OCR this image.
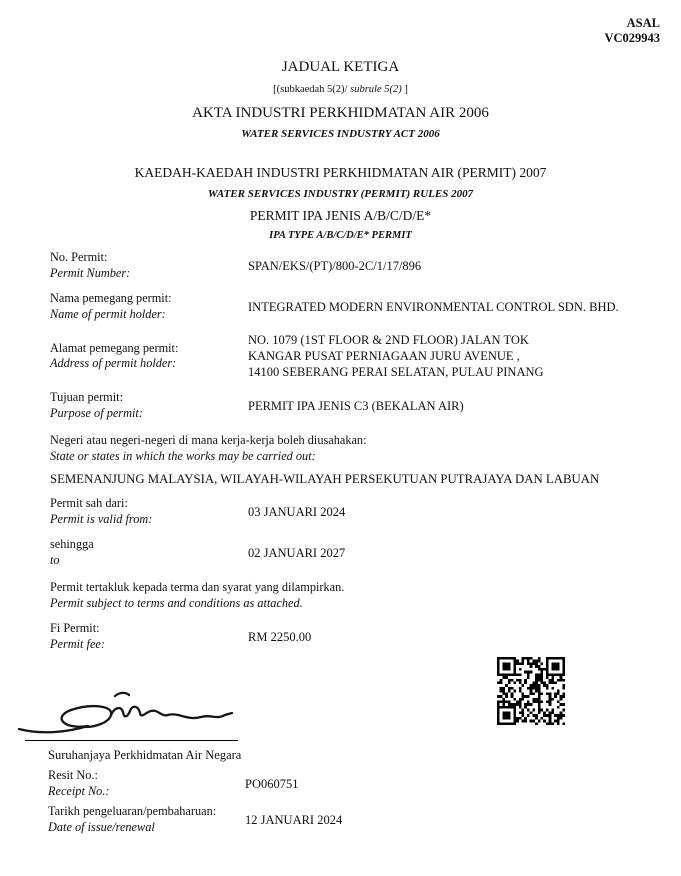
ASAL
VC029943
JADUAL KETIGA
[(subkaedah 5(2)/ subrule 5(2) ]
AKTA INDUSTRI PERKHIDMATAN AIR 2006
WATER SERVICES INDUSTRY ACT 2006
KAEDAH-KAEDAH INDUSTRI PERKHIDMATAN AIR (PERMIT) 2007
WATER SERVICES INDUSTRY (PERMIT) RULES 2007
PERMIT IPA JENIS A/B/C/D/E*
IPA TYPE A/B/C/D/E* PERMIT
No. Permit:
Permit Number:	SPAN/EKS/(PT)/800-2C/1/17/896
Nama pemegang permit:
Name of permit holder:	INTEGRATED MODERN ENVIRONMENTAL CONTROL SDN. BHD.
Alamat pemegang permit:
Address of permit holder:
NO. 1079 (1ST FLOOR & 2ND FLOOR) JALAN TOK
KANGAR PUSAT PERNIAGAAN JURU AVENUE ,
14100 SEBERANG PERAI SELATAN, PULAU PINANG
Tujuan permit:
Purpose of permit:	PERMIT IPA JENIS C3 (BEKALAN AIR)
Negeri atau negeri-negeri di mana kerja-kerja boleh diusahakan:
State or states in which the works may be carried out:
SEMENANJUNG MALAYSIA, WILAYAH-WILAYAH PERSEKUTUAN PUTRAJAYA DAN LABUAN
Permit sah dari:
Permit is valid from:	03 JANUARI 2024
sehingga
to	02 JANUARI 2027
Permit tertakluk kepada terma dan syarat yang dilampirkan.
Permit subject to terms and conditions as attached.
Fi Permit:
Permit fee:	RM 2250.00
Suruhanjaya Perkhidmatan Air Negara
Resit No.:
Receipt No.:	PO060751
Tarikh pengeluaran/pembaharuan:
Date of issue/renewal	12 JANUARI 2024
